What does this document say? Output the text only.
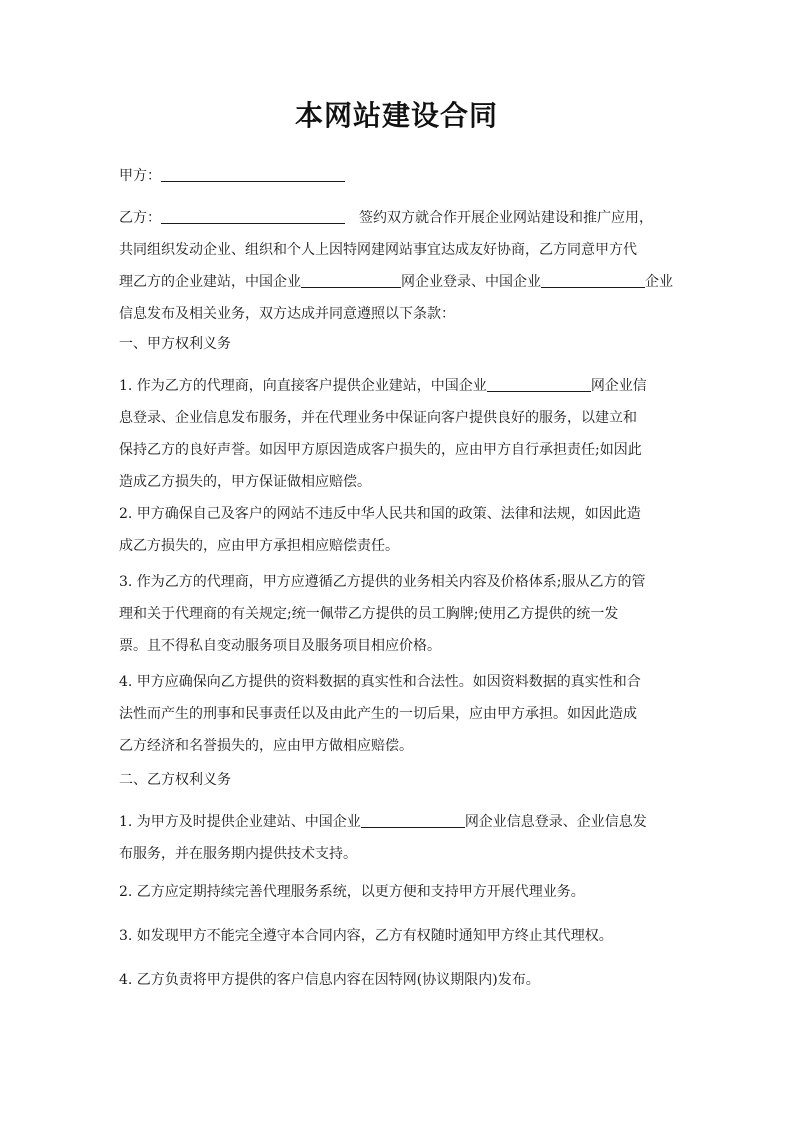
本网站建设合同
甲方：
乙方：	签约双方就合作开展企业网站建设和推广应用，
共同组织发动企业、组织和个人上因特网建网站事宜达成友好协商，乙方同意甲方代
理乙方的企业建站，中国企业	网企业登录、中国企业	企业
信息发布及相关业务，双方达成并同意遵照以下条款：
一、甲方权利义务
1. 作为乙方的代理商，向直接客户提供企业建站，中国企业	网企业信
息登录、企业信息发布服务，并在代理业务中保证向客户提供良好的服务，以建立和
保持乙方的良好声誉。如因甲方原因造成客户损失的，应由甲方自行承担责任;如因此
造成乙方损失的，甲方保证做相应赔偿。
2. 甲方确保自己及客户的网站不违反中华人民共和国的政策、法律和法规，如因此造
成乙方损失的，应由甲方承担相应赔偿责任。
3. 作为乙方的代理商，甲方应遵循乙方提供的业务相关内容及价格体系;服从乙方的管
理和关于代理商的有关规定;统一佩带乙方提供的员工胸牌;使用乙方提供的统一发
票。且不得私自变动服务项目及服务项目相应价格。
4. 甲方应确保向乙方提供的资料数据的真实性和合法性。如因资料数据的真实性和合
法性而产生的刑事和民事责任以及由此产生的一切后果，应由甲方承担。如因此造成
乙方经济和名誉损失的，应由甲方做相应赔偿。
二、乙方权利义务
1. 为甲方及时提供企业建站、中国企业	网企业信息登录、企业信息发
布服务，并在服务期内提供技术支持。
2. 乙方应定期持续完善代理服务系统，以更方便和支持甲方开展代理业务。
3. 如发现甲方不能完全遵守本合同内容，乙方有权随时通知甲方终止其代理权。
4. 乙方负责将甲方提供的客户信息内容在因特网(协议期限内)发布。
